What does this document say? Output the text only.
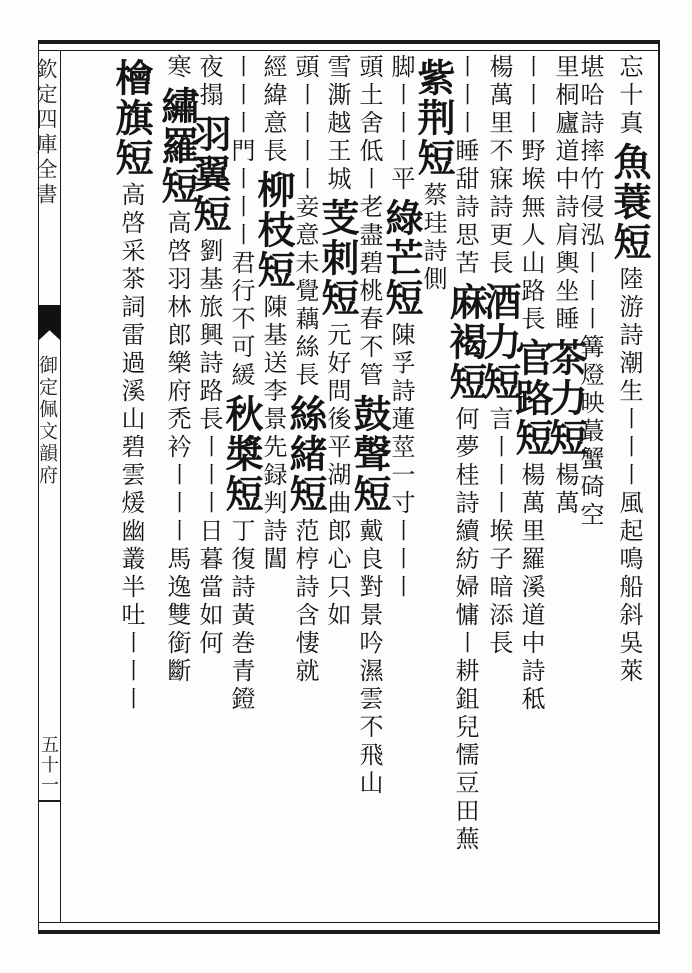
欽定四庫全書
御定佩文韻府
五十一
忘十真魚蓑短陸游詩潮生〡〡〡風起鳴船斜吳萊
堪哈詩摔竹侵泓〡〡〡篝燈映蕞蟹碕空
里桐廬道中詩肩輿坐睡茶力短楊萬
〡〡〡野堠無人山路長官路短楊萬里羅溪道中詩秪
楊萬里不寐詩更長酒力短言〡〡〡堠子暗添長
〡〡〡睡甜詩思苦麻褐短何夢桂詩續紡婦慵〡耕鉏兒懦豆田蕪
紫荆短蔡珪詩側
脚〡〡〡平綠芒短陳孚詩蓮莖一寸〡〡〡
頭土舍低〡老盡碧桃春不管鼓聲短戴良對景吟濕雲不飛山
雪澌越王城芰刺短元好問後平湖曲郎心只如
頭〡〡〡〡妾意未覺藕絲長絲緒短范梈詩含悽就
經緯意長柳枝短陳基送李景先録判詩閶
〡〡〡門〡〡〡君行不可緩秋槳短丁復詩黃巻青鐙
夜搨羽翼短劉基旅興詩路長〡〡〡日暮當如何
寒繡羅短高啓羽林郎樂府禿衿〡〡〡馬逸雙銜斷
檜旗短高啓采茶詞雷過溪山碧雲煖幽叢半吐〡〡〡
